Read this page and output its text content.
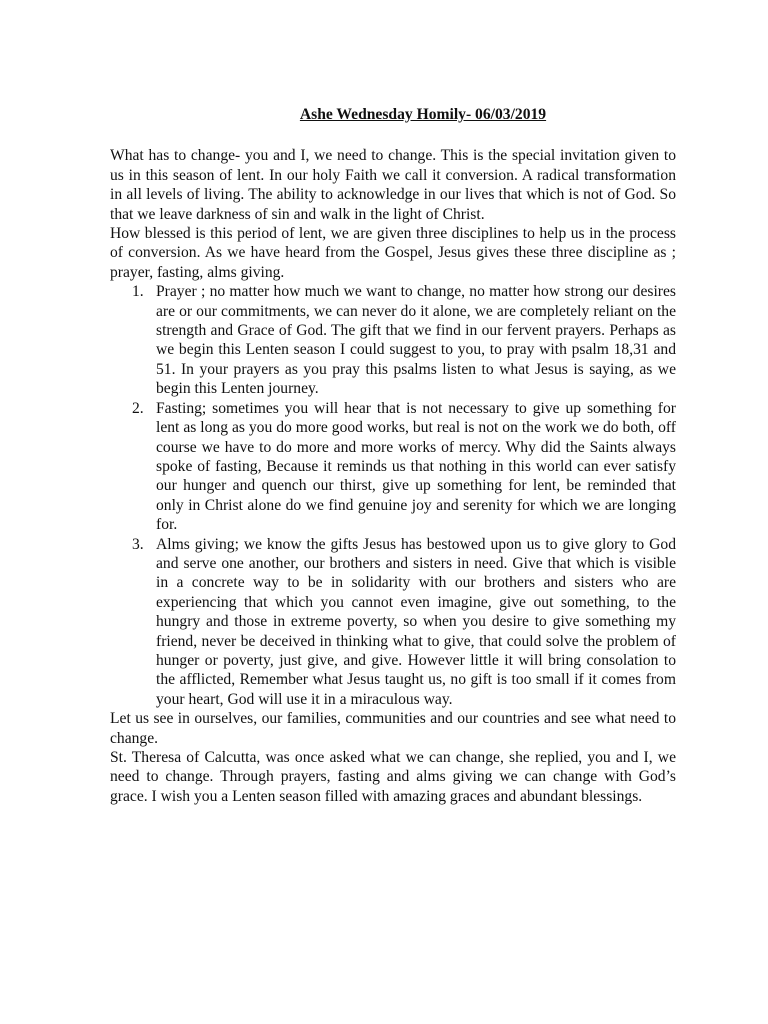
Ashe Wednesday Homily- 06/03/2019

What has to change- you and I, we need to change. This is the special invitation given to us in this season of lent. In our holy Faith we call it conversion. A radical transformation in all levels of living. The ability to acknowledge in our lives that which is not of God. So that we leave darkness of sin and walk in the light of Christ.

How blessed is this period of lent, we are given three disciplines to help us in the process of conversion. As we have heard from the Gospel, Jesus gives these three discipline as ; prayer, fasting, alms giving.

1. Prayer ; no matter how much we want to change, no matter how strong our desires are or our commitments, we can never do it alone, we are completely reliant on the strength and Grace of God. The gift that we find in our fervent prayers. Perhaps as we begin this Lenten season I could suggest to you, to pray with psalm 18,31 and 51. In your prayers as you pray this psalms listen to what Jesus is saying, as we begin this Lenten journey.
2. Fasting; sometimes you will hear that is not necessary to give up something for lent as long as you do more good works, but real is not on the work we do both, off course we have to do more and more works of mercy. Why did the Saints always spoke of fasting, Because it reminds us that nothing in this world can ever satisfy our hunger and quench our thirst, give up something for lent, be reminded that only in Christ alone do we find genuine joy and serenity for which we are longing for.
3. Alms giving; we know the gifts Jesus has bestowed upon us to give glory to God and serve one another, our brothers and sisters in need. Give that which is visible in a concrete way to be in solidarity with our brothers and sisters who are experiencing that which you cannot even imagine, give out something, to the hungry and those in extreme poverty, so when you desire to give something my friend, never be deceived in thinking what to give, that could solve the problem of hunger or poverty, just give, and give. However little it will bring consolation to the afflicted, Remember what Jesus taught us, no gift is too small if it comes from your heart, God will use it in a miraculous way.

Let us see in ourselves, our families, communities and our countries and see what need to change.

St. Theresa of Calcutta, was once asked what we can change, she replied, you and I, we need to change. Through prayers, fasting and alms giving we can change with God’s grace. I wish you a Lenten season filled with amazing graces and abundant blessings.
